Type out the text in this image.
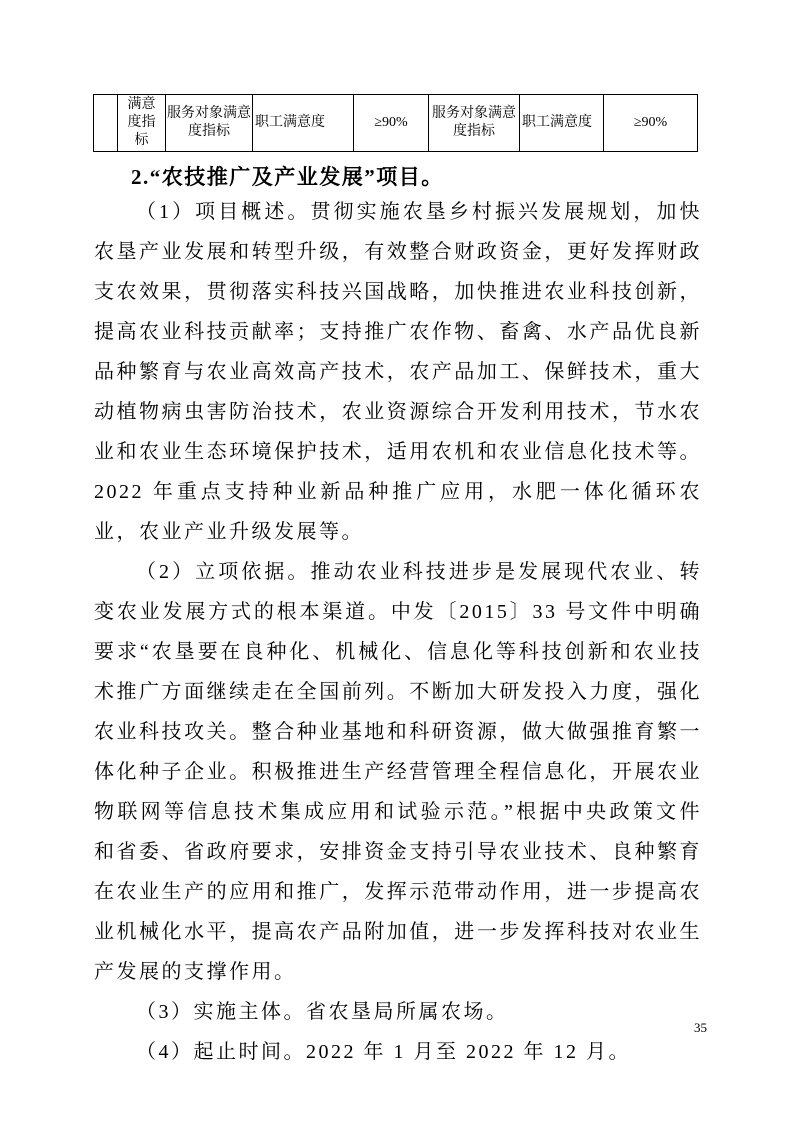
	满意度指标	服务对象满意度指标	职工满意度	≥90%	服务对象满意度指标	职工满意度	≥90%
2.“农技推广及产业发展”项目。

（1）项目概述。贯彻实施农垦乡村振兴发展规划，加快农垦产业发展和转型升级，有效整合财政资金，更好发挥财政支农效果，贯彻落实科技兴国战略，加快推进农业科技创新，提高农业科技贡献率；支持推广农作物、畜禽、水产品优良新品种繁育与农业高效高产技术，农产品加工、保鲜技术，重大动植物病虫害防治技术，农业资源综合开发利用技术，节水农业和农业生态环境保护技术，适用农机和农业信息化技术等。2022 年重点支持种业新品种推广应用，水肥一体化循环农业，农业产业升级发展等。

（2）立项依据。推动农业科技进步是发展现代农业、转变农业发展方式的根本渠道。中发〔2015〕33 号文件中明确要求“农垦要在良种化、机械化、信息化等科技创新和农业技术推广方面继续走在全国前列。不断加大研发投入力度，强化农业科技攻关。整合种业基地和科研资源，做大做强推育繁一体化种子企业。积极推进生产经营管理全程信息化，开展农业物联网等信息技术集成应用和试验示范。”根据中央政策文件和省委、省政府要求，安排资金支持引导农业技术、良种繁育在农业生产的应用和推广，发挥示范带动作用，进一步提高农业机械化水平，提高农产品附加值，进一步发挥科技对农业生产发展的支撑作用。

（3）实施主体。省农垦局所属农场。

（4）起止时间。2022 年 1 月至 2022 年 12 月。

35
